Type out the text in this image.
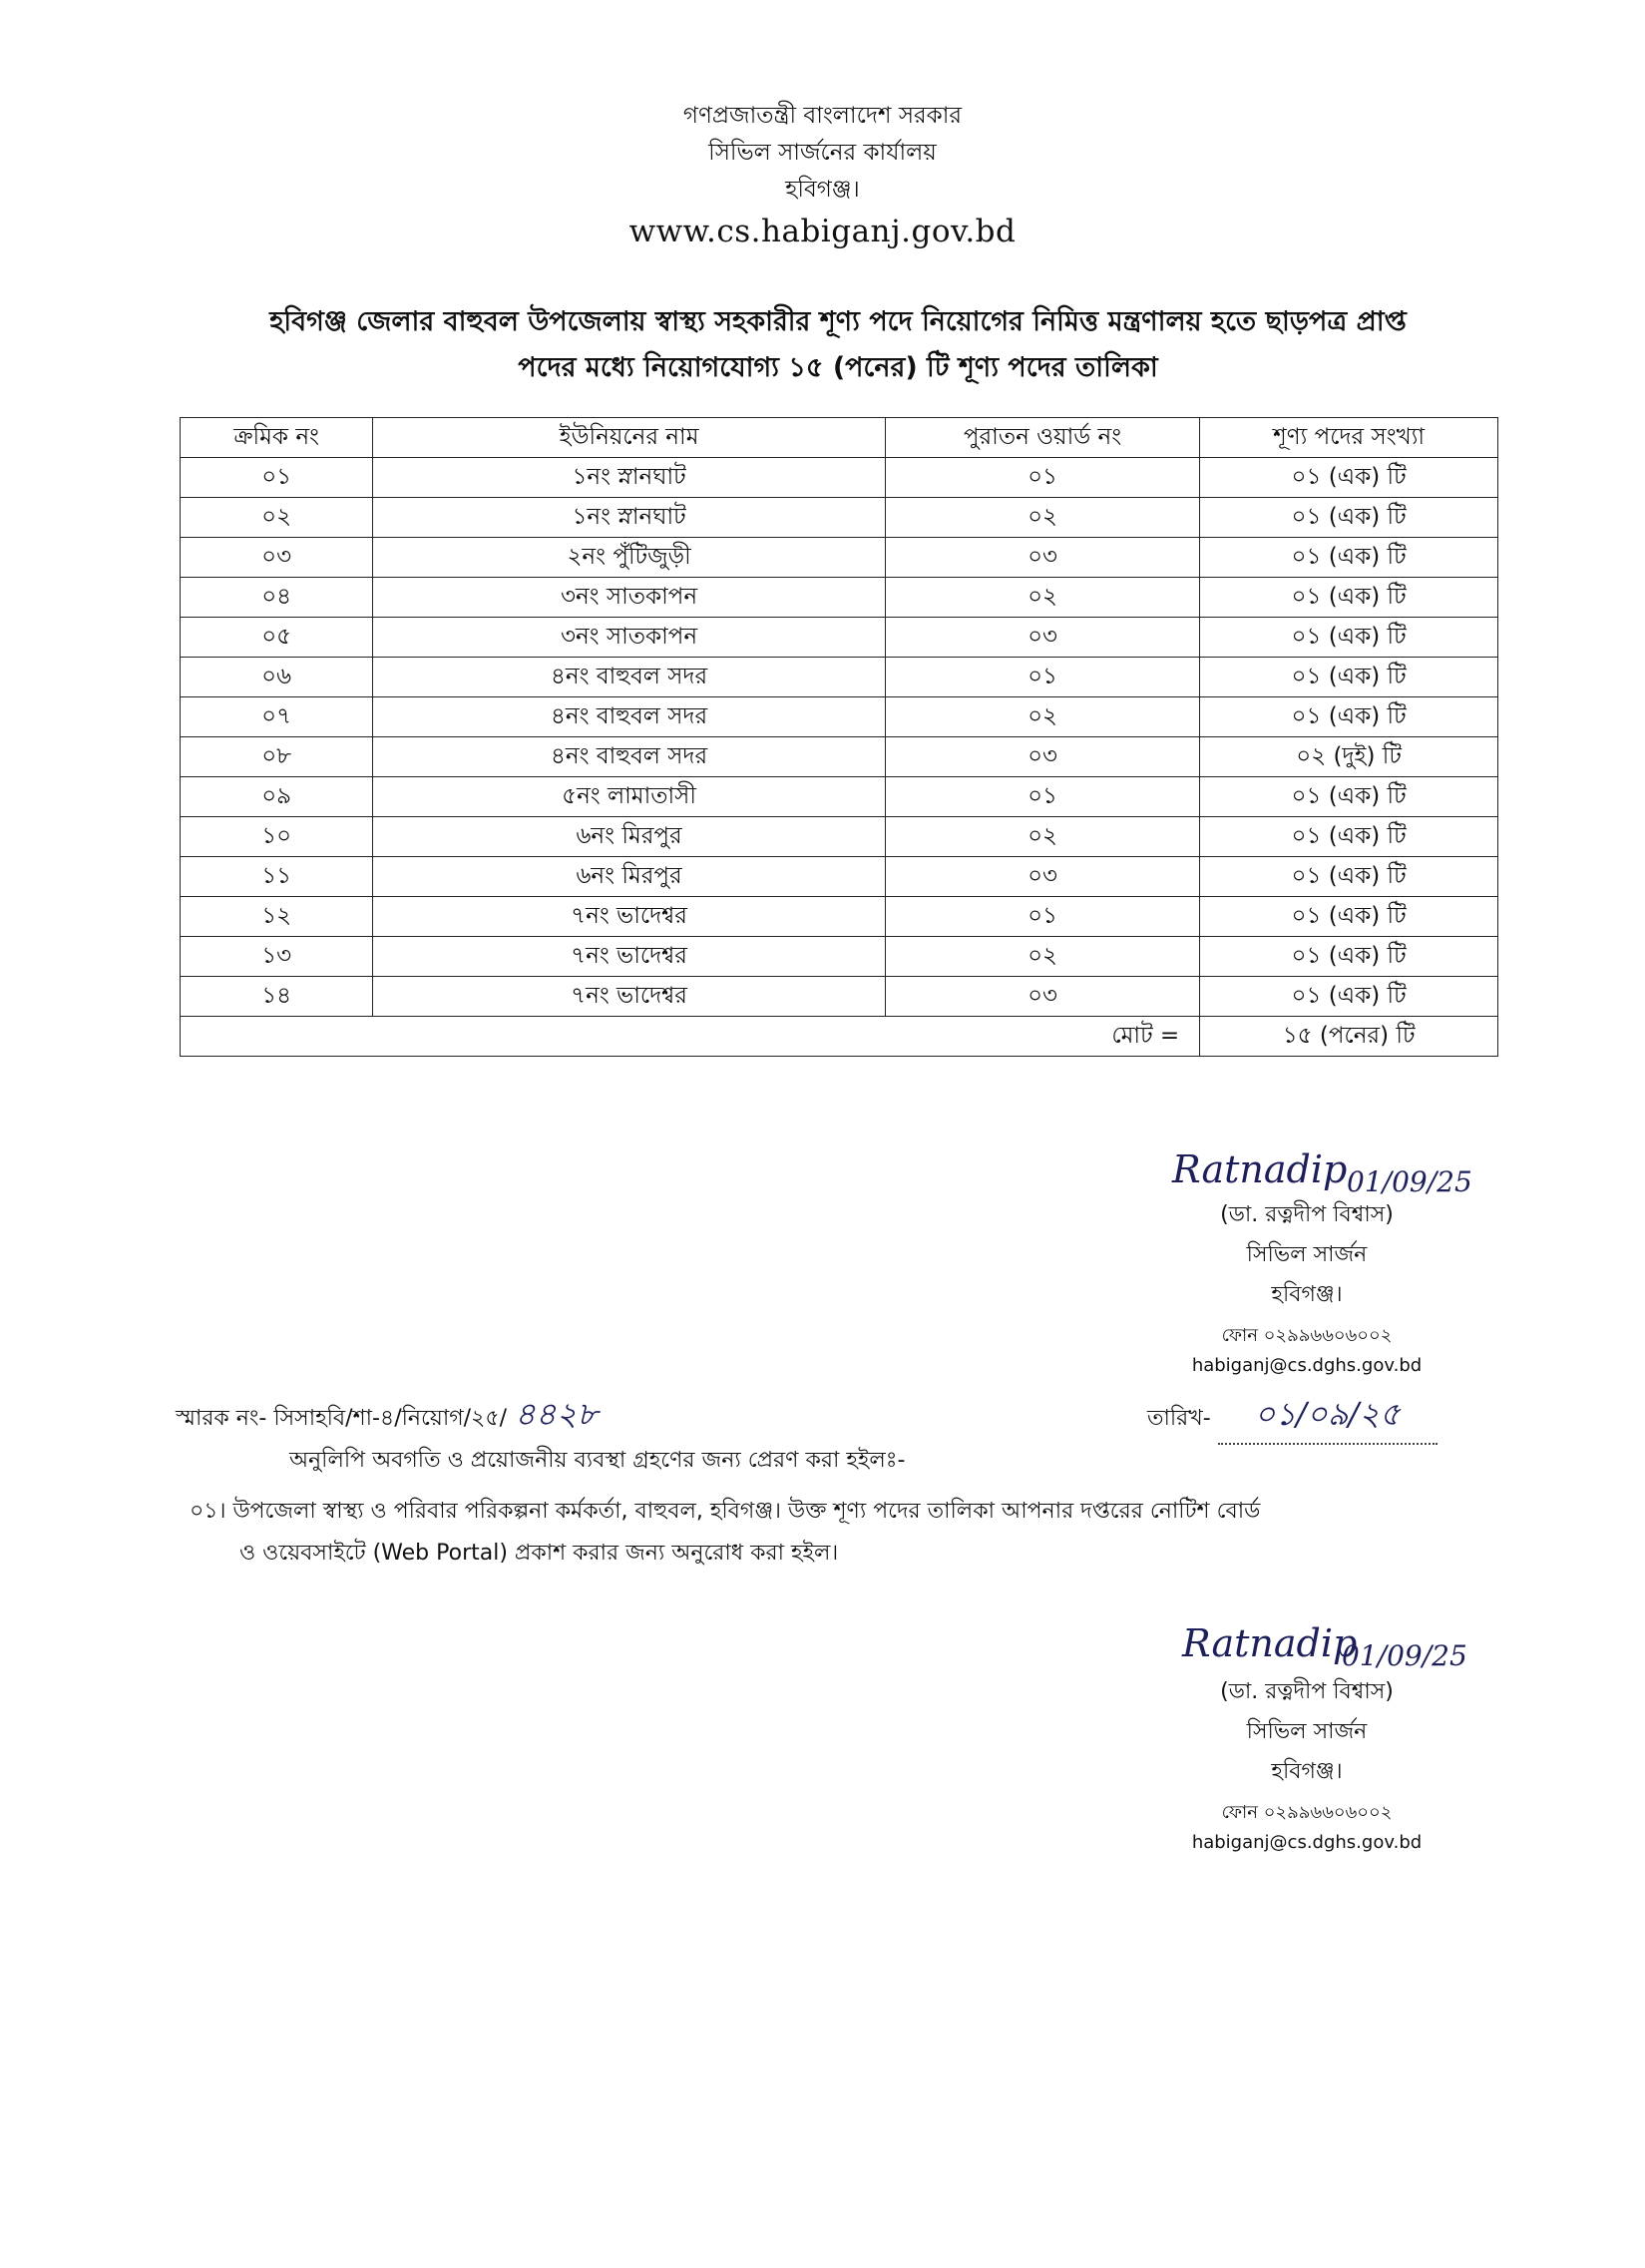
গণপ্রজাতন্ত্রী বাংলাদেশ সরকার
সিভিল সার্জনের কার্যালয়
হবিগঞ্জ।
www.cs.habiganj.gov.bd
হবিগঞ্জ জেলার বাহুবল উপজেলায় স্বাস্থ্য সহকারীর শূণ্য পদে নিয়োগের নিমিত্ত মন্ত্রণালয় হতে ছাড়পত্র প্রাপ্ত
পদের মধ্যে নিয়োগযোগ্য ১৫ (পনের) টি শূণ্য পদের তালিকা
ক্রমিক নং	ইউনিয়নের নাম	পুরাতন ওয়ার্ড নং	শূণ্য পদের সংখ্যা
০১	১নং স্নানঘাট	০১	০১ (এক) টি
০২	১নং স্নানঘাট	০২	০১ (এক) টি
০৩	২নং পুঁটিজুড়ী	০৩	০১ (এক) টি
০৪	৩নং সাতকাপন	০২	০১ (এক) টি
০৫	৩নং সাতকাপন	০৩	০১ (এক) টি
০৬	৪নং বাহুবল সদর	০১	০১ (এক) টি
০৭	৪নং বাহুবল সদর	০২	০১ (এক) টি
০৮	৪নং বাহুবল সদর	০৩	০২ (দুই) টি
০৯	৫নং লামাতাসী	০১	০১ (এক) টি
১০	৬নং মিরপুর	০২	০১ (এক) টি
১১	৬নং মিরপুর	০৩	০১ (এক) টি
১২	৭নং ভাদেশ্বর	০১	০১ (এক) টি
১৩	৭নং ভাদেশ্বর	০২	০১ (এক) টি
১৪	৭নং ভাদেশ্বর	০৩	০১ (এক) টি
মোট =			১৫ (পনের) টি
Ratnadip 01/09/25
(ডা. রত্নদীপ বিশ্বাস)
সিভিল সার্জন
হবিগঞ্জ।
ফোন ০২৯৯৬৬০৬০০২
habiganj@cs.dghs.gov.bd
স্মারক নং- সিসাহবি/শা-৪/নিয়োগ/২৫/ ৪৪২৮	তারিখ- ০১/০৯/২৫
অনুলিপি অবগতি ও প্রয়োজনীয় ব্যবস্থা গ্রহণের জন্য প্রেরণ করা হইলঃ-
০১। উপজেলা স্বাস্থ্য ও পরিবার পরিকল্পনা কর্মকর্তা, বাহুবল, হবিগঞ্জ। উক্ত শূণ্য পদের তালিকা আপনার দপ্তরের নোটিশ বোর্ড
ও ওয়েবসাইটে (Web Portal) প্রকাশ করার জন্য অনুরোধ করা হইল।
Ratnadip
01/09/25
(ডা. রত্নদীপ বিশ্বাস)
সিভিল সার্জন
হবিগঞ্জ।
ফোন ০২৯৯৬৬০৬০০২
habiganj@cs.dghs.gov.bd
